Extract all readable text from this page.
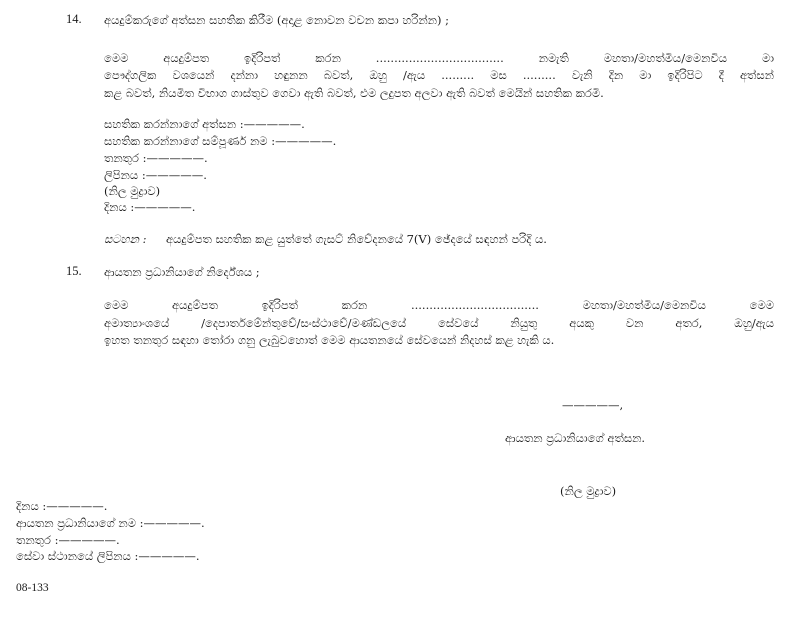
14. අයදුම්කරුගේ අත්සන සහතික කිරීම (අදාළ නොවන වචන කපා හරින්න) ;
මෙම අයදුම්පත ඉදිරිපත් කරන ................................... නමැති මහතා/මහත්මිය/මෙනවිය මා
පෞද්ගලික වශයෙන් දන්නා හඳුනන බවත්, ඔහු /ඇය ......... මස ......... වැනි දින මා ඉදිරිපිට දී අත්සන්
කළ බවත්, නියමිත විභාග ගාස්තුව ගෙවා ඇති බවත්, එම ලදුපත අලවා ඇති බවත් මෙයින් සහතික කරමි.
සහතික කරන්නාගේ අත්සන :—————.
සහතික කරන්නාගේ සම්පූර්ණ නම :—————.
තනතුර :—————.
ලිපිනය :—————.
(නිල මුද්‍රාව)
දිනය :—————.
සටහන : අයදුම්පත සහතික කළ යුත්තේ ගැසට් නිවේදනයේ 7(V) ඡේදයේ සඳහන් පරිදි ය.
15. ආයතන ප්‍රධානියාගේ නිර්දේශය ;
මෙම අයදුම්පත ඉදිරිපත් කරන ................................... මහතා/මහත්මිය/මෙනවිය මෙම
අමාත්‍යාංශයේ /දෙපාර්තමේන්තුවේ/සංස්ථාවේ/මණ්ඩලයේ සේවයේ නියුතු අයකු වන අතර, ඔහු/ඇය
ඉහත තනතුර සඳහා තෝරා ගනු ලැබුවහොත් මෙම ආයතනයේ සේවයෙන් නිදහස් කළ හැකි ය.
—————,
ආයතන ප්‍රධානියාගේ අත්සන.
(නිල මුද්‍රාව)
දිනය :—————.
ආයතන ප්‍රධානියාගේ නම :—————.
තනතුර :—————.
සේවා ස්ථානයේ ලිපිනය :—————.
08-133
